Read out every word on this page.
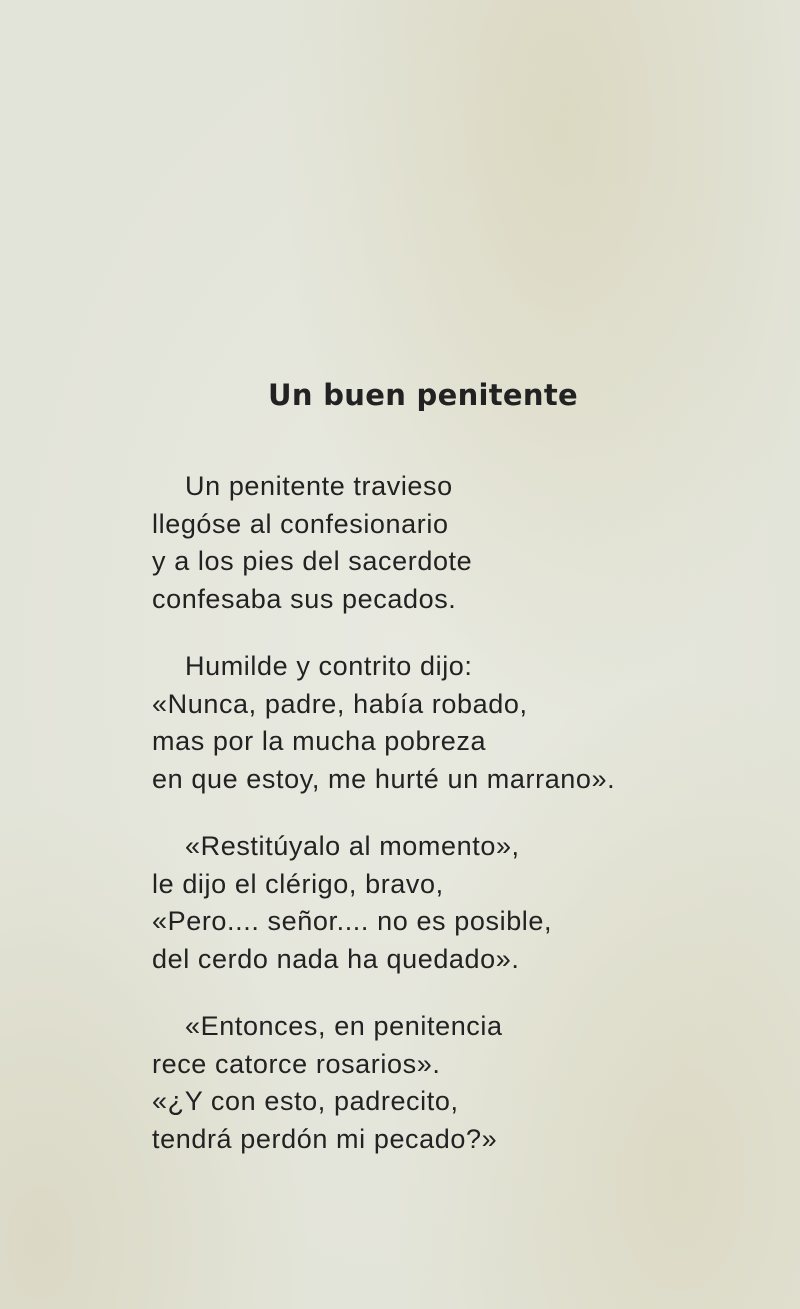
Un buen penitente
Un penitente travieso
llegóse al confesionario
y a los pies del sacerdote
confesaba sus pecados.
Humilde y contrito dijo:
«Nunca, padre, había robado,
mas por la mucha pobreza
en que estoy, me hurté un marrano».
«Restitúyalo al momento»,
le dijo el clérigo, bravo,
«Pero.... señor.... no es posible,
del cerdo nada ha quedado».
«Entonces, en penitencia
rece catorce rosarios».
«¿Y con esto, padrecito,
tendrá perdón mi pecado?»
